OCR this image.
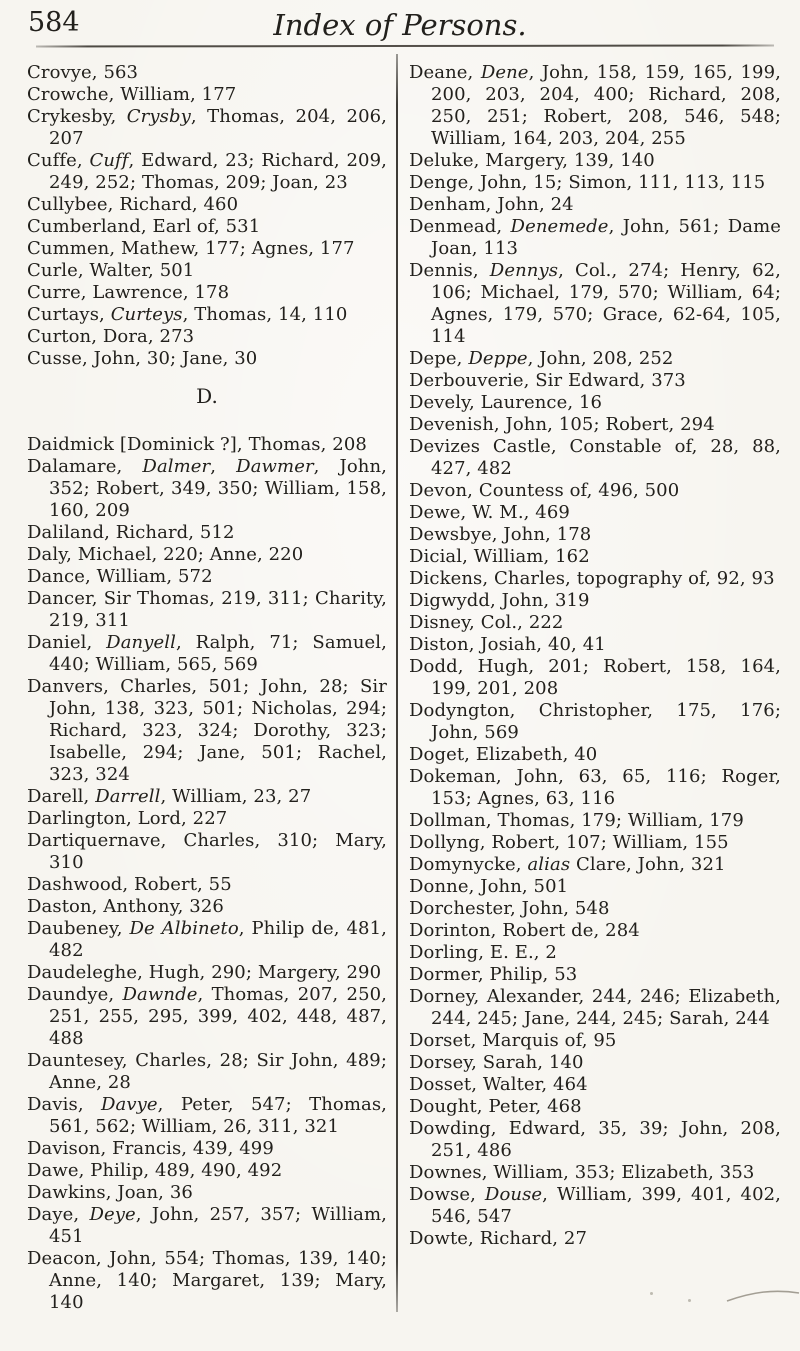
584	Index of Persons.
Crovye, 563
Crowche, William, 177
Crykesby, Crysby, Thomas, 204, 206, 207
Cuffe, Cuff, Edward, 23; Richard, 209, 249, 252; Thomas, 209; Joan, 23
Cullybee, Richard, 460
Cumberland, Earl of, 531
Cummen, Mathew, 177; Agnes, 177
Curle, Walter, 501
Curre, Lawrence, 178
Curtays, Curteys, Thomas, 14, 110
Curton, Dora, 273
Cusse, John, 30; Jane, 30
D.
Daidmick [Dominick ?], Thomas, 208
Dalamare, Dalmer, Dawmer, John, 352; Robert, 349, 350; William, 158, 160, 209
Daliland, Richard, 512
Daly, Michael, 220; Anne, 220
Dance, William, 572
Dancer, Sir Thomas, 219, 311; Charity, 219, 311
Daniel, Danyell, Ralph, 71; Samuel, 440; William, 565, 569
Danvers, Charles, 501; John, 28; Sir John, 138, 323, 501; Nicholas, 294; Richard, 323, 324; Dorothy, 323; Isabelle, 294; Jane, 501; Rachel, 323, 324
Darell, Darrell, William, 23, 27
Darlington, Lord, 227
Dartiquernave, Charles, 310; Mary, 310
Dashwood, Robert, 55
Daston, Anthony, 326
Daubeney, De Albineto, Philip de, 481, 482
Daudeleghe, Hugh, 290; Margery, 290
Daundye, Dawnde, Thomas, 207, 250, 251, 255, 295, 399, 402, 448, 487, 488
Dauntesey, Charles, 28; Sir John, 489; Anne, 28
Davis, Davye, Peter, 547; Thomas, 561, 562; William, 26, 311, 321
Davison, Francis, 439, 499
Dawe, Philip, 489, 490, 492
Dawkins, Joan, 36
Daye, Deye, John, 257, 357; William, 451
Deacon, John, 554; Thomas, 139, 140; Anne, 140; Margaret, 139; Mary, 140
Deane, Dene, John, 158, 159, 165, 199, 200, 203, 204, 400; Richard, 208, 250, 251; Robert, 208, 546, 548; William, 164, 203, 204, 255
Deluke, Margery, 139, 140
Denge, John, 15; Simon, 111, 113, 115
Denham, John, 24
Denmead, Denemede, John, 561; Dame Joan, 113
Dennis, Dennys, Col., 274; Henry, 62, 106; Michael, 179, 570; William, 64; Agnes, 179, 570; Grace, 62-64, 105, 114
Depe, Deppe, John, 208, 252
Derbouverie, Sir Edward, 373
Devely, Laurence, 16
Devenish, John, 105; Robert, 294
Devizes Castle, Constable of, 28, 88, 427, 482
Devon, Countess of, 496, 500
Dewe, W. M., 469
Dewsbye, John, 178
Dicial, William, 162
Dickens, Charles, topography of, 92, 93
Digwydd, John, 319
Disney, Col., 222
Diston, Josiah, 40, 41
Dodd, Hugh, 201; Robert, 158, 164, 199, 201, 208
Dodyngton, Christopher, 175, 176; John, 569
Doget, Elizabeth, 40
Dokeman, John, 63, 65, 116; Roger, 153; Agnes, 63, 116
Dollman, Thomas, 179; William, 179
Dollyng, Robert, 107; William, 155
Domynycke, alias Clare, John, 321
Donne, John, 501
Dorchester, John, 548
Dorinton, Robert de, 284
Dorling, E. E., 2
Dormer, Philip, 53
Dorney, Alexander, 244, 246; Elizabeth, 244, 245; Jane, 244, 245; Sarah, 244
Dorset, Marquis of, 95
Dorsey, Sarah, 140
Dosset, Walter, 464
Dought, Peter, 468
Dowding, Edward, 35, 39; John, 208, 251, 486
Downes, William, 353; Elizabeth, 353
Dowse, Douse, William, 399, 401, 402, 546, 547
Dowte, Richard, 27
